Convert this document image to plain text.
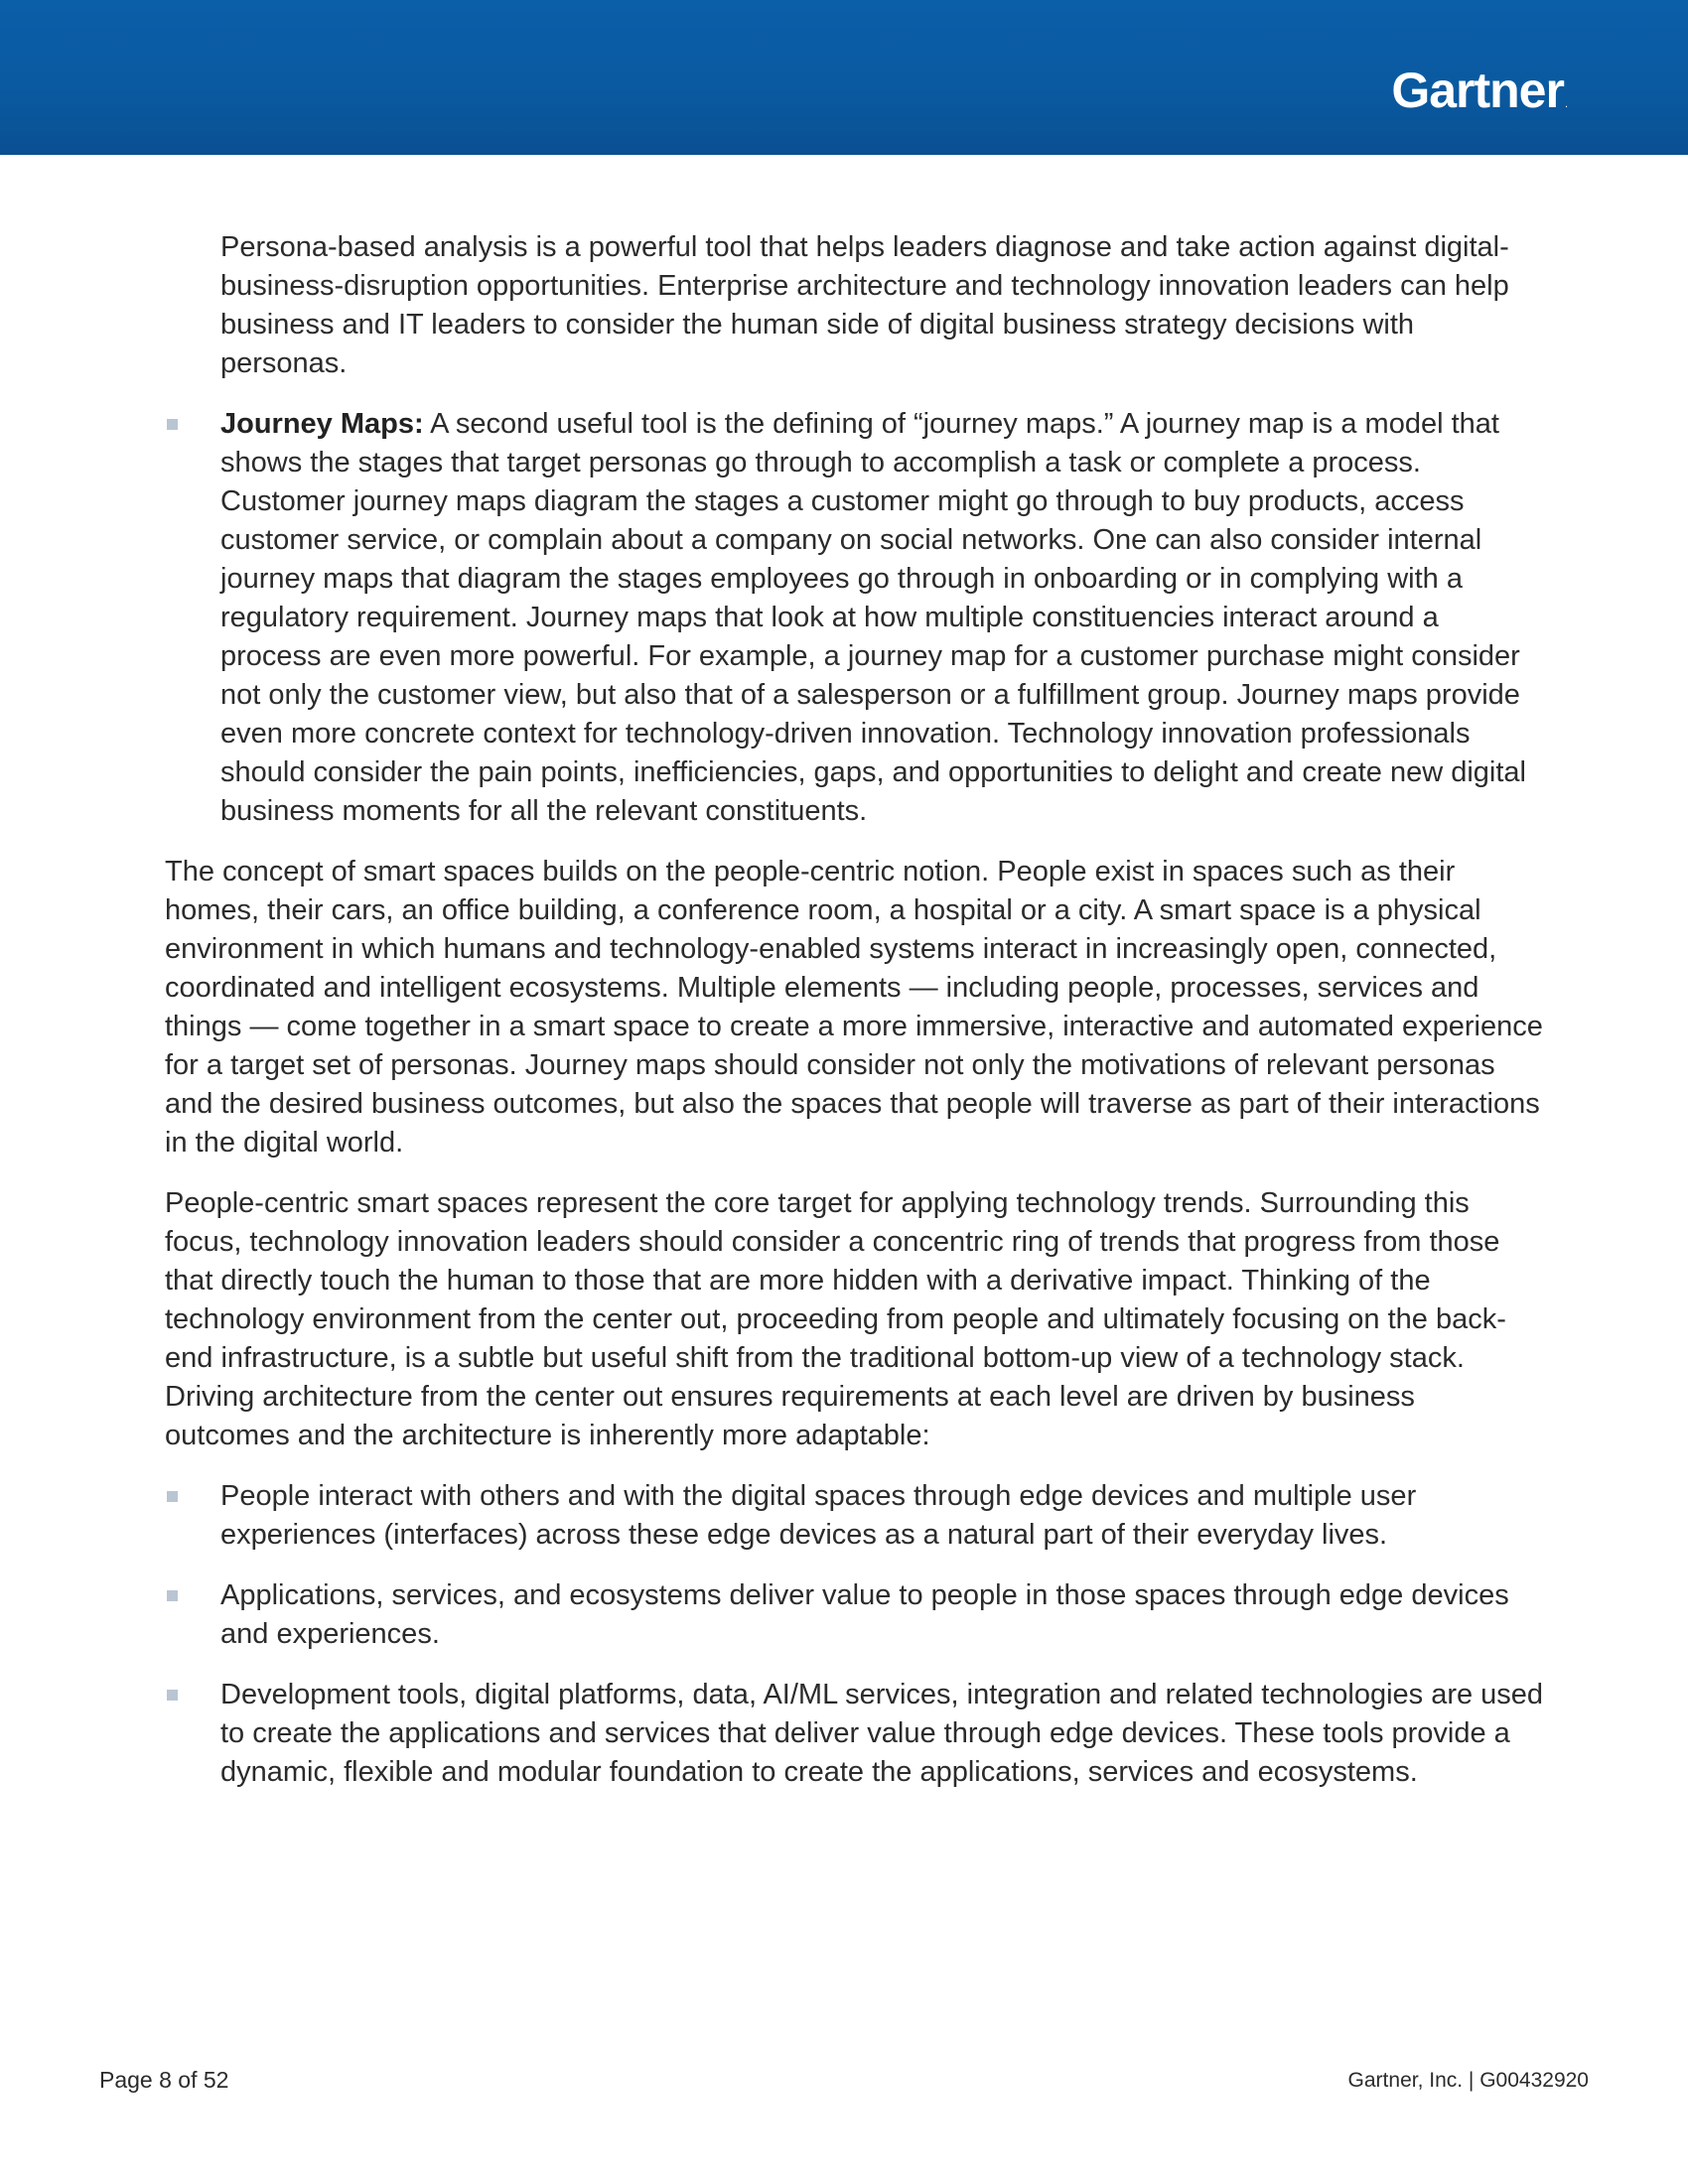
Gartner.

Persona-based analysis is a powerful tool that helps leaders diagnose and take action against digital-business-disruption opportunities. Enterprise architecture and technology innovation leaders can help business and IT leaders to consider the human side of digital business strategy decisions with personas.

Journey Maps: A second useful tool is the defining of “journey maps.” A journey map is a model that shows the stages that target personas go through to accomplish a task or complete a process. Customer journey maps diagram the stages a customer might go through to buy products, access customer service, or complain about a company on social networks. One can also consider internal journey maps that diagram the stages employees go through in onboarding or in complying with a regulatory requirement. Journey maps that look at how multiple constituencies interact around a process are even more powerful. For example, a journey map for a customer purchase might consider not only the customer view, but also that of a salesperson or a fulfillment group. Journey maps provide even more concrete context for technology-driven innovation. Technology innovation professionals should consider the pain points, inefficiencies, gaps, and opportunities to delight and create new digital business moments for all the relevant constituents.

The concept of smart spaces builds on the people-centric notion. People exist in spaces such as their homes, their cars, an office building, a conference room, a hospital or a city. A smart space is a physical environment in which humans and technology-enabled systems interact in increasingly open, connected, coordinated and intelligent ecosystems. Multiple elements — including people, processes, services and things — come together in a smart space to create a more immersive, interactive and automated experience for a target set of personas. Journey maps should consider not only the motivations of relevant personas and the desired business outcomes, but also the spaces that people will traverse as part of their interactions in the digital world.

People-centric smart spaces represent the core target for applying technology trends. Surrounding this focus, technology innovation leaders should consider a concentric ring of trends that progress from those that directly touch the human to those that are more hidden with a derivative impact. Thinking of the technology environment from the center out, proceeding from people and ultimately focusing on the back-end infrastructure, is a subtle but useful shift from the traditional bottom-up view of a technology stack. Driving architecture from the center out ensures requirements at each level are driven by business outcomes and the architecture is inherently more adaptable:

People interact with others and with the digital spaces through edge devices and multiple user experiences (interfaces) across these edge devices as a natural part of their everyday lives.
Applications, services, and ecosystems deliver value to people in those spaces through edge devices and experiences.
Development tools, digital platforms, data, AI/ML services, integration and related technologies are used to create the applications and services that deliver value through edge devices. These tools provide a dynamic, flexible and modular foundation to create the applications, services and ecosystems.
Page 8 of 52	Gartner, Inc. | G00432920
